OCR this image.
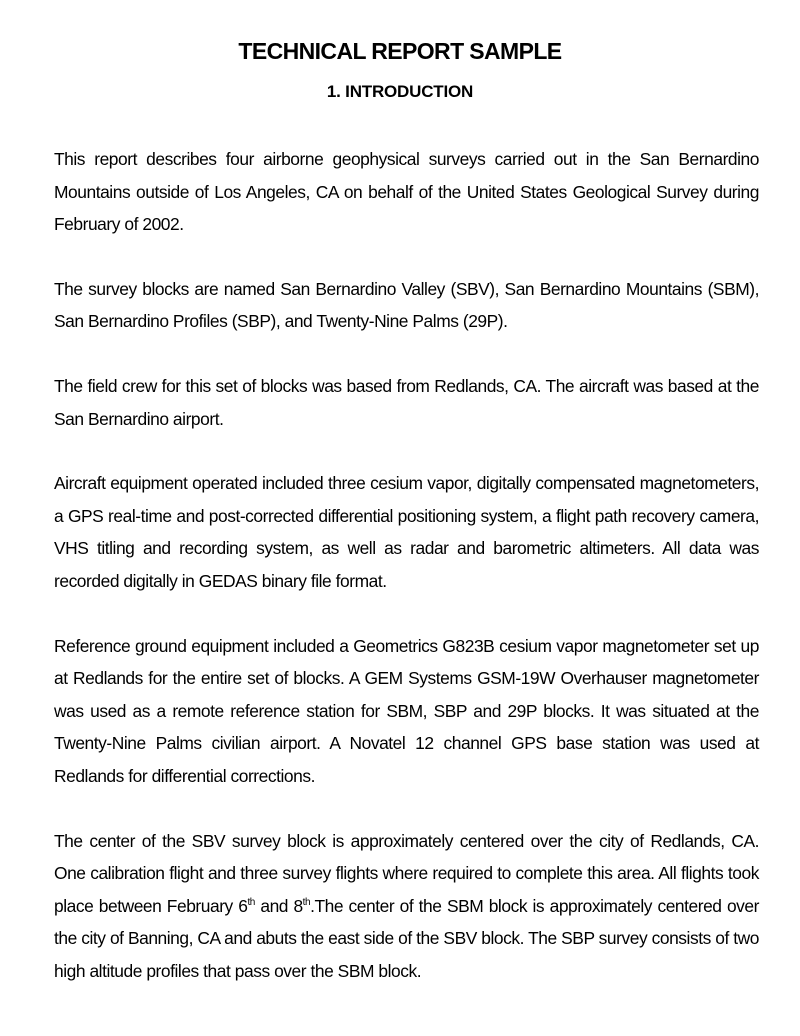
TECHNICAL REPORT SAMPLE
1. INTRODUCTION

This report describes four airborne geophysical surveys carried out in the San Bernardino Mountains outside of Los Angeles, CA on behalf of the United States Geological Survey during February of 2002.

The survey blocks are named San Bernardino Valley (SBV), San Bernardino Mountains (SBM), San Bernardino Profiles (SBP), and Twenty-Nine Palms (29P).

The field crew for this set of blocks was based from Redlands, CA. The aircraft was based at the San Bernardino airport.

Aircraft equipment operated included three cesium vapor, digitally compensated magnetometers, a GPS real-time and post-corrected differential positioning system, a flight path recovery camera, VHS titling and recording system, as well as radar and barometric altimeters. All data was recorded digitally in GEDAS binary file format.

Reference ground equipment included a Geometrics G823B cesium vapor magnetometer set up at Redlands for the entire set of blocks. A GEM Systems GSM-19W Overhauser magnetometer was used as a remote reference station for SBM, SBP and 29P blocks. It was situated at the Twenty-Nine Palms civilian airport. A Novatel 12 channel GPS base station was used at Redlands for differential corrections.

The center of the SBV survey block is approximately centered over the city of Redlands, CA. One calibration flight and three survey flights where required to complete this area. All flights took place between February 6th and 8th.The center of the SBM block is approximately centered over the city of Banning, CA and abuts the east side of the SBV block. The SBP survey consists of two high altitude profiles that pass over the SBM block.
